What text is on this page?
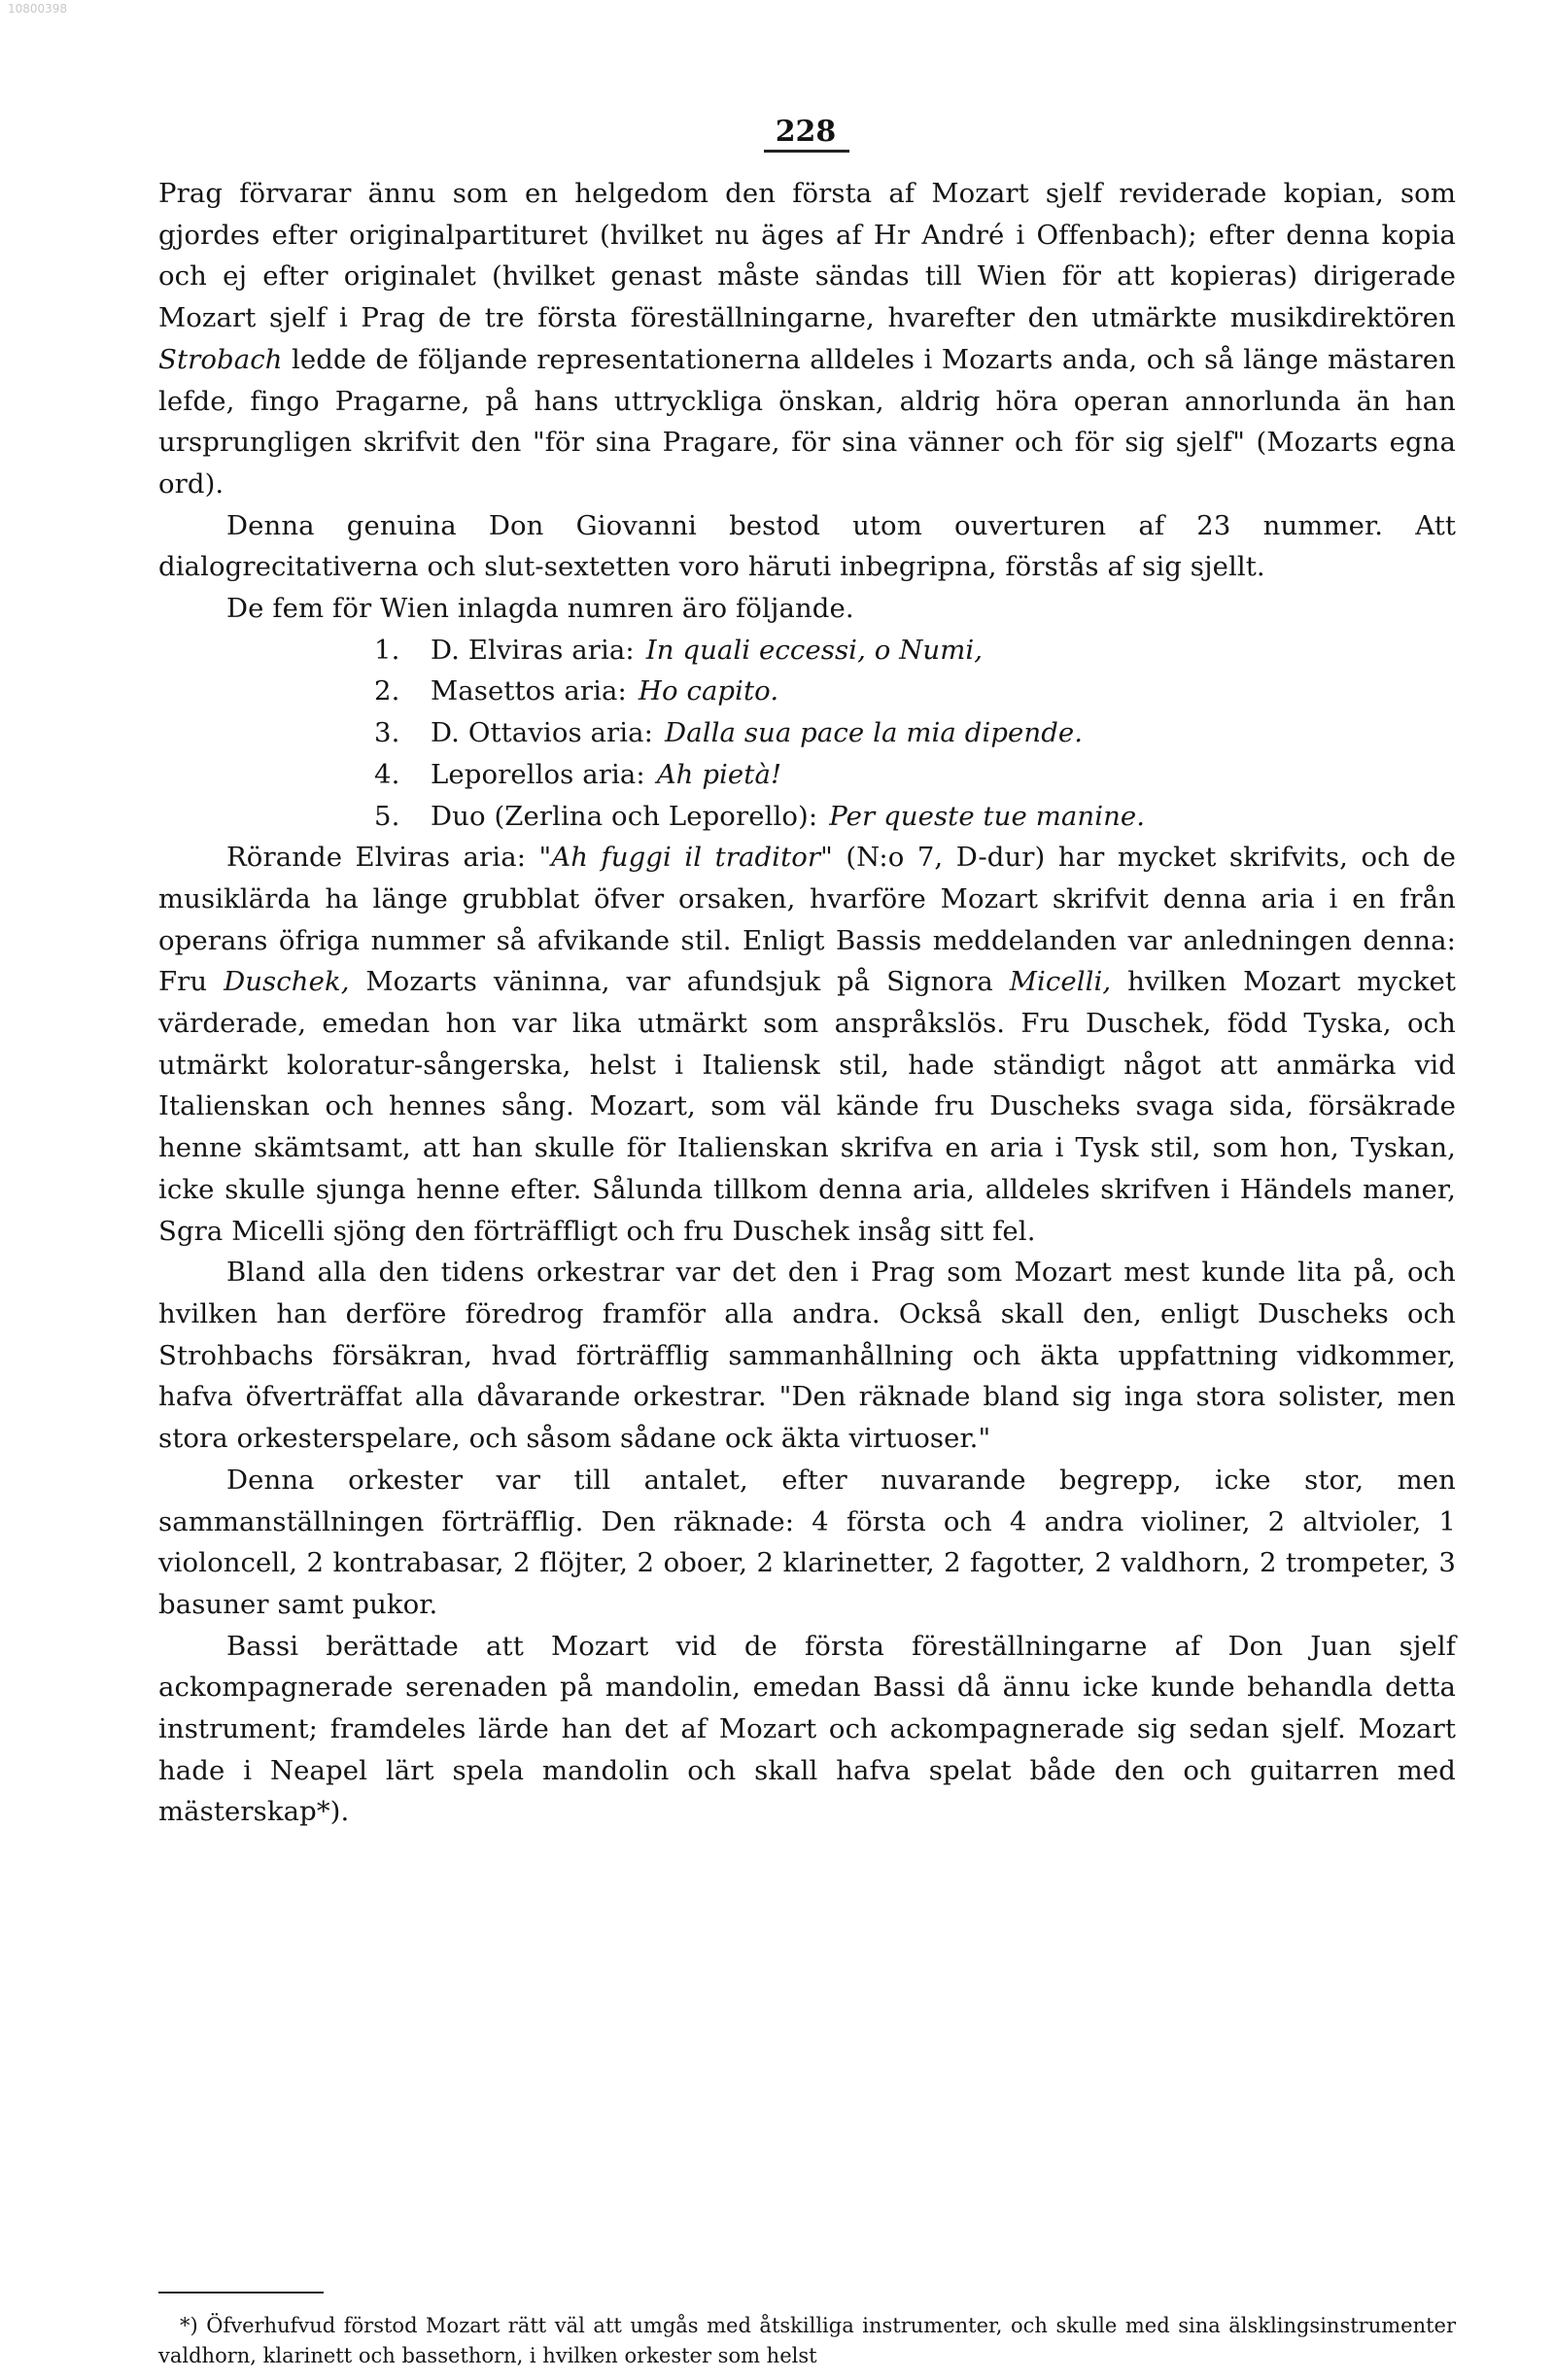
10800398
228

Prag förvarar ännu som en helgedom den första af Mozart sjelf reviderade kopian, som gjordes efter originalpartituret (hvilket nu äges af Hr André i Offenbach); efter denna kopia och ej efter originalet (hvilket genast måste sändas till Wien för att kopieras) dirigerade Mozart sjelf i Prag de tre första föreställningarne, hvarefter den utmärkte musikdirektören Strobach ledde de följande representationerna alldeles i Mozarts anda, och så länge mästaren lefde, fingo Pragarne, på hans uttryckliga önskan, aldrig höra operan annorlunda än han ursprungligen skrifvit den "för sina Pragare, för sina vänner och för sig sjelf" (Mozarts egna ord).

Denna genuina Don Giovanni bestod utom ouverturen af 23 nummer. Att dialogrecitativerna och slut-sextetten voro häruti inbegripna, förstås af sig sjellt.

De fem för Wien inlagda numren äro följande.

1.	D. Elviras aria: In quali eccessi, o Numi,
2.	Masettos aria: Ho capito.
3.	D. Ottavios aria: Dalla sua pace la mia dipende.
4.	Leporellos aria: Ah pietà!
5.	Duo (Zerlina och Leporello): Per queste tue manine.

Rörande Elviras aria: "Ah fuggi il traditor" (N:o 7, D-dur) har mycket skrifvits, och de musiklärda ha länge grubblat öfver orsaken, hvarföre Mozart skrifvit denna aria i en från operans öfriga nummer så afvikande stil. Enligt Bassis meddelanden var anledningen denna: Fru Duschek, Mozarts väninna, var afundsjuk på Signora Micelli, hvilken Mozart mycket värderade, emedan hon var lika utmärkt som anspråkslös. Fru Duschek, född Tyska, och utmärkt koloratur-sångerska, helst i Italiensk stil, hade ständigt något att anmärka vid Italienskan och hennes sång. Mozart, som väl kände fru Duscheks svaga sida, försäkrade henne skämtsamt, att han skulle för Italienskan skrifva en aria i Tysk stil, som hon, Tyskan, icke skulle sjunga henne efter. Sålunda tillkom denna aria, alldeles skrifven i Händels maner, Sgra Micelli sjöng den förträffligt och fru Duschek insåg sitt fel.

Bland alla den tidens orkestrar var det den i Prag som Mozart mest kunde lita på, och hvilken han derföre föredrog framför alla andra. Också skall den, enligt Duscheks och Strohbachs försäkran, hvad förträfflig sammanhållning och äkta uppfattning vidkommer, hafva öfverträffat alla dåvarande orkestrar. "Den räknade bland sig inga stora solister, men stora orkesterspelare, och såsom sådane ock äkta virtuoser."

Denna orkester var till antalet, efter nuvarande begrepp, icke stor, men sammanställningen förträfflig. Den räknade: 4 första och 4 andra violiner, 2 altvioler, 1 violoncell, 2 kontrabasar, 2 flöjter, 2 oboer, 2 klarinetter, 2 fagotter, 2 valdhorn, 2 trompeter, 3 basuner samt pukor.

Bassi berättade att Mozart vid de första föreställningarne af Don Juan sjelf ackompagnerade serenaden på mandolin, emedan Bassi då ännu icke kunde behandla detta instrument; framdeles lärde han det af Mozart och ackompagnerade sig sedan sjelf. Mozart hade i Neapel lärt spela mandolin och skall hafva spelat både den och guitarren med mästerskap*).

*) Öfverhufvud förstod Mozart rätt väl att umgås med åtskilliga instrumenter, och skulle med sina älsklingsinstrumenter valdhorn, klarinett och bassethorn, i hvilken orkester som helst
